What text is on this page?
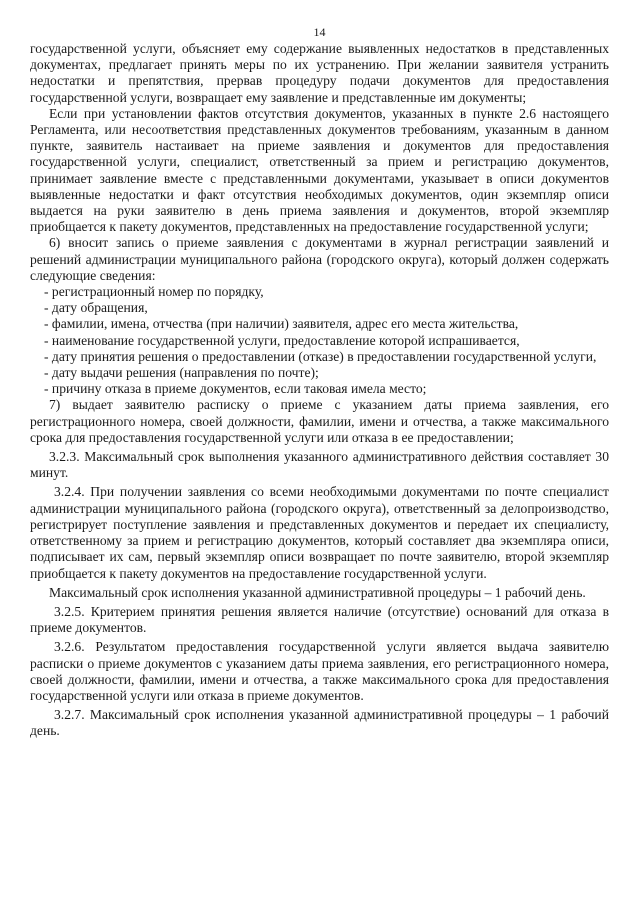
14

государственной услуги, объясняет ему содержание выявленных недостатков в представленных документах, предлагает принять меры по их устранению. При желании заявителя устранить недостатки и препятствия, прервав процедуру подачи документов для предоставления государственной услуги, возвращает ему заявление и представленные им документы;

Если при установлении фактов отсутствия документов, указанных в пункте 2.6 настоящего Регламента, или несоответствия представленных документов требованиям, указанным в данном пункте, заявитель настаивает на приеме заявления и документов для предоставления государственной услуги, специалист, ответственный за прием и регистрацию документов, принимает заявление вместе с представленными документами, указывает в описи документов выявленные недостатки и факт отсутствия необходимых документов, один экземпляр описи выдается на руки заявителю в день приема заявления и документов, второй экземпляр приобщается к пакету документов, представленных на предоставление государственной услуги;

6) вносит запись о приеме заявления с документами в журнал регистрации заявлений и решений администрации муниципального района (городского округа), который должен содержать следующие сведения:

- регистрационный номер по порядку,

- дату обращения,

- фамилии, имена, отчества (при наличии) заявителя, адрес его места жительства,

- наименование государственной услуги, предоставление которой испрашивается,

- дату принятия решения о предоставлении (отказе) в предоставлении государственной услуги,

- дату выдачи решения (направления по почте);

- причину отказа в приеме документов, если таковая имела место;

7) выдает заявителю расписку о приеме с указанием даты приема заявления, его регистрационного номера, своей должности, фамилии, имени и отчества, а также максимального срока для предоставления государственной услуги или отказа в ее предоставлении;

3.2.3. Максимальный срок выполнения указанного административного действия составляет 30 минут.

3.2.4. При получении заявления со всеми необходимыми документами по почте специалист администрации муниципального района (городского округа), ответственный за делопроизводство, регистрирует поступление заявления и представленных документов и передает их специалисту, ответственному за прием и регистрацию документов, который составляет два экземпляра описи, подписывает их сам, первый экземпляр описи возвращает по почте заявителю, второй экземпляр приобщается к пакету документов на предоставление государственной услуги.

Максимальный срок исполнения указанной административной процедуры – 1 рабочий день.

3.2.5. Критерием принятия решения является наличие (отсутствие) оснований для отказа в приеме документов.

3.2.6. Результатом предоставления государственной услуги является выдача заявителю расписки о приеме документов с указанием даты приема заявления, его регистрационного номера, своей должности, фамилии, имени и отчества, а также максимального срока для предоставления государственной услуги или отказа в приеме документов.

3.2.7. Максимальный срок исполнения указанной административной процедуры – 1 рабочий день.
